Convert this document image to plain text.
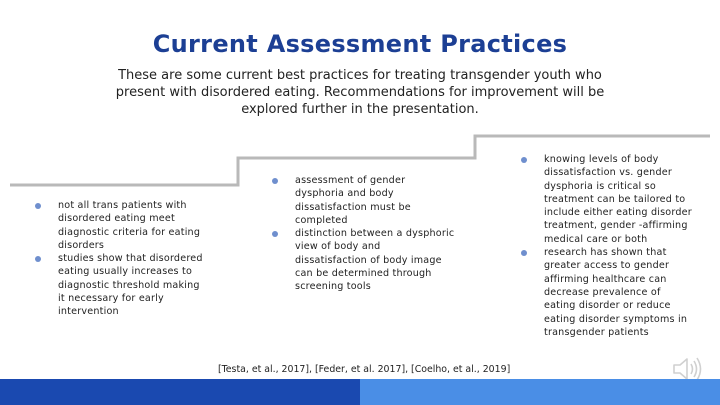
Current Assessment Practices
These are some current best practices for treating transgender youth who present with disordered eating. Recommendations for improvement will be explored further in the presentation.
not all trans patients with disordered eating meet diagnostic criteria for eating disorders
studies show that disordered eating usually increases to diagnostic threshold making it necessary for early intervention
assessment of gender dysphoria and body dissatisfaction must be completed
distinction between a dysphoric view of body and dissatisfaction of body image can be determined through screening tools
knowing levels of body dissatisfaction vs. gender dysphoria is critical so treatment can be tailored to include either eating disorder treatment, gender -affirming medical care or both
research has shown that greater access to gender affirming healthcare can decrease prevalence of eating disorder or reduce eating disorder symptoms in transgender patients
[Testa, et al., 2017], [Feder, et al. 2017], [Coelho, et al., 2019]
